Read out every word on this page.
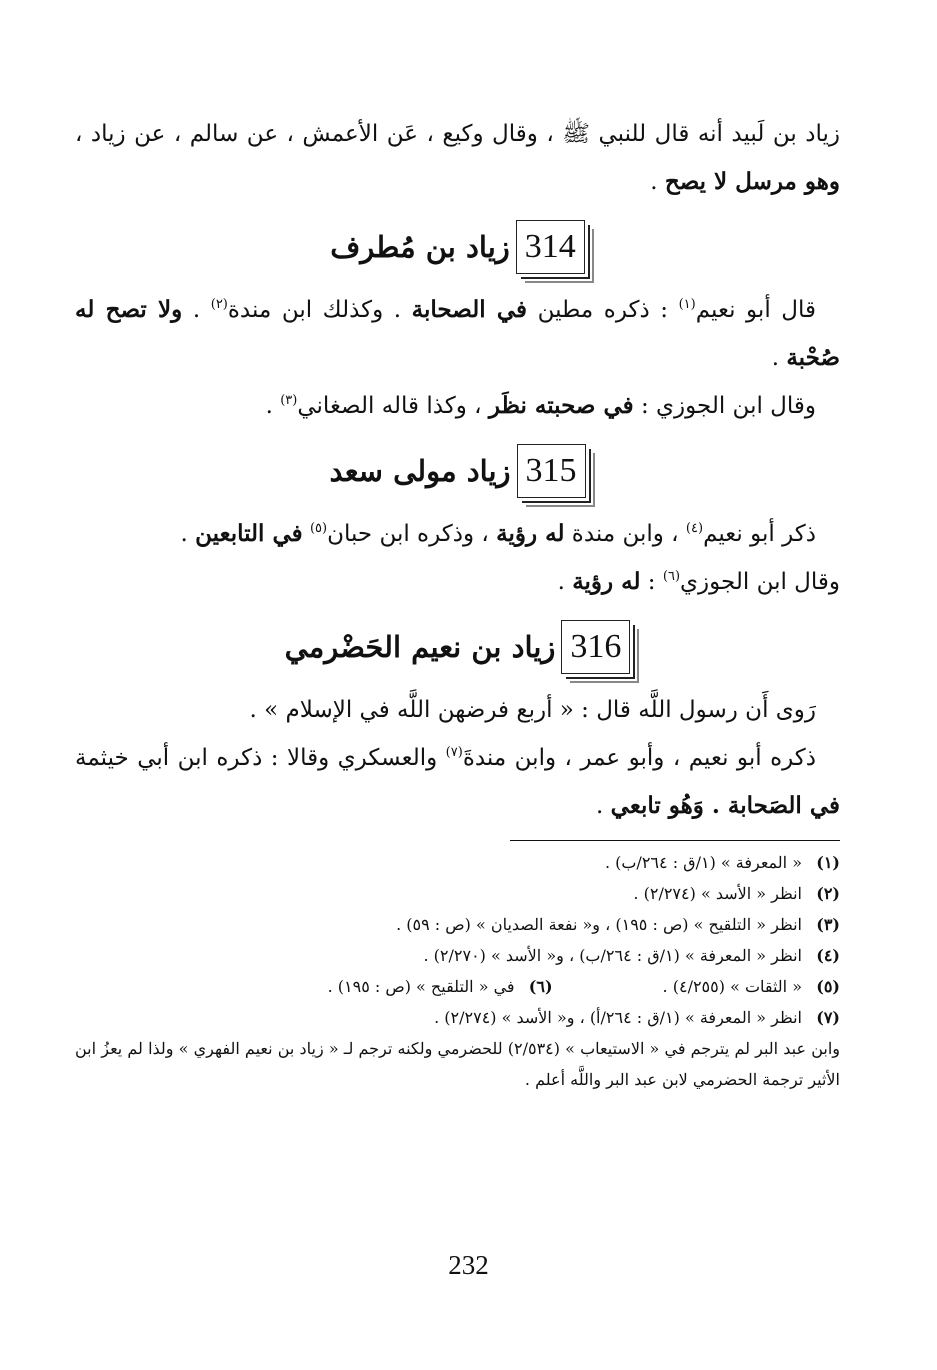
زياد بن لَبيد أنه قال للنبي ﷺ ، وقال وكيع ، عَن الأعمش ، عن سالم ، عن زياد ، وهو مرسل لا يصح .

314
زياد بن مُطرف

قال أبو نعيم$^{(١)}$ : ذكره مطين في الصحابة . وكذلك ابن مندة$^{(٢)}$ . ولا تصح له صُحْبة .

وقال ابن الجوزي : في صحبته نظَر ، وكذا قاله الصغاني$^{(٣)}$ .

315
زياد مولى سعد

ذكر أبو نعيم$^{(٤)}$ ، وابن مندة له رؤية ، وذكره ابن حبان$^{(٥)}$ في التابعين .

وقال ابن الجوزي$^{(٦)}$ : له رؤية .

316
زياد بن نعيم الحَضْرمي

رَوى أَن رسول اللَّه قال : « أربع فرضهن اللَّه في الإسلام » .

ذكره أبو نعيم ، وأبو عمر ، وابن مندةَ$^{(٧)}$ والعسكري وقالا : ذكره ابن أبي خيثمة في الصَحابة . وَهُو تابعي .

(١)
« المعرفة » (١/ق : ٢٦٤/ب) .
(٢)
انظر « الأسد » (٢/٢٧٤) .
(٣)
انظر « التلقيح » (ص : ١٩٥) ، و« نفعة الصديان » (ص : ٥٩) .
(٤)
انظر « المعرفة » (١/ق : ٢٦٤/ب) ، و« الأسد » (٢/٢٧٠) .
(٥)
« الثقات » (٤/٢٥٥) .
(٦)
في « التلقيح » (ص : ١٩٥) .
(٧)
انظر « المعرفة » (١/ق : ٢٦٤/أ) ، و« الأسد » (٢/٢٧٤) .

وابن عبد البر لم يترجم في « الاستيعاب » (٢/٥٣٤) للحضرمي ولكنه ترجم لـ « زياد بن نعيم الفهري » ولذا لم يعزُ ابن الأثير ترجمة الحضرمي لابن عبد البر واللَّه أعلم .

232
